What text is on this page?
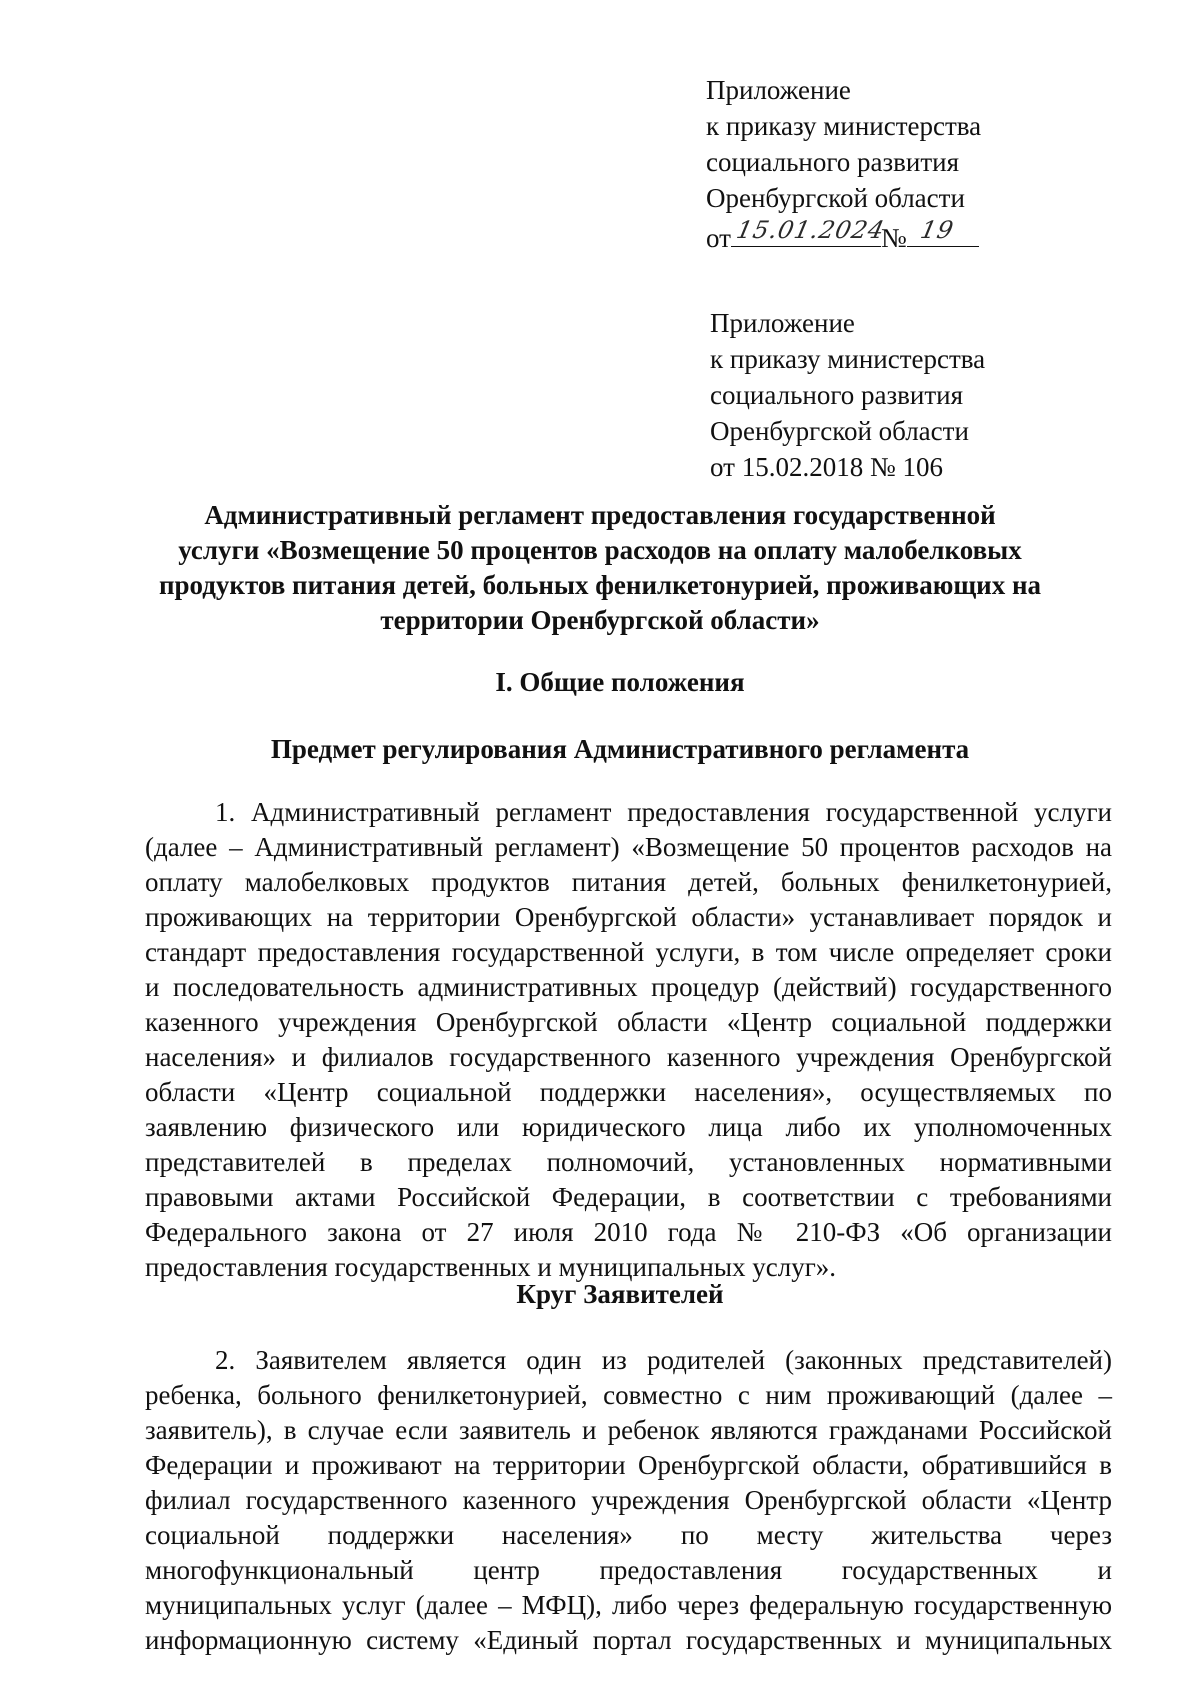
Приложение
к приказу министерства
социального развития
Оренбургской области
от 15.01.2024
№ 19
Приложение
к приказу министерства
социального развития
Оренбургской области
от 15.02.2018 № 106
Административный регламент предоставления государственной
услуги «Возмещение 50 процентов расходов на оплату малобелковых
продуктов питания детей, больных фенилкетонурией, проживающих на
территории Оренбургской области»
I. Общие положения
Предмет регулирования Административного регламента
1. Административный регламент предоставления государственной услуги
(далее – Административный регламент) «Возмещение 50 процентов расходов на
оплату малобелковых продуктов питания детей, больных фенилкетонурией,
проживающих на территории Оренбургской области» устанавливает порядок и
стандарт предоставления государственной услуги, в том числе определяет сроки
и последовательность административных процедур (действий) государственного
казенного учреждения Оренбургской области «Центр социальной поддержки
населения» и филиалов государственного казенного учреждения Оренбургской
области «Центр социальной поддержки населения», осуществляемых по
заявлению физического или юридического лица либо их уполномоченных
представителей в пределах полномочий, установленных нормативными
правовыми актами Российской Федерации, в соответствии с требованиями
Федерального закона от 27 июля 2010 года № 210-ФЗ «Об организации
предоставления государственных и муниципальных услуг».
Круг Заявителей
2. Заявителем является один из родителей (законных представителей)
ребенка, больного фенилкетонурией, совместно с ним проживающий (далее –
заявитель), в случае если заявитель и ребенок являются гражданами Российской
Федерации и проживают на территории Оренбургской области, обратившийся в
филиал государственного казенного учреждения Оренбургской области «Центр
социальной поддержки населения» по месту жительства через
многофункциональный центр предоставления государственных и
муниципальных услуг (далее – МФЦ), либо через федеральную государственную
информационную систему «Единый портал государственных и муниципальных
